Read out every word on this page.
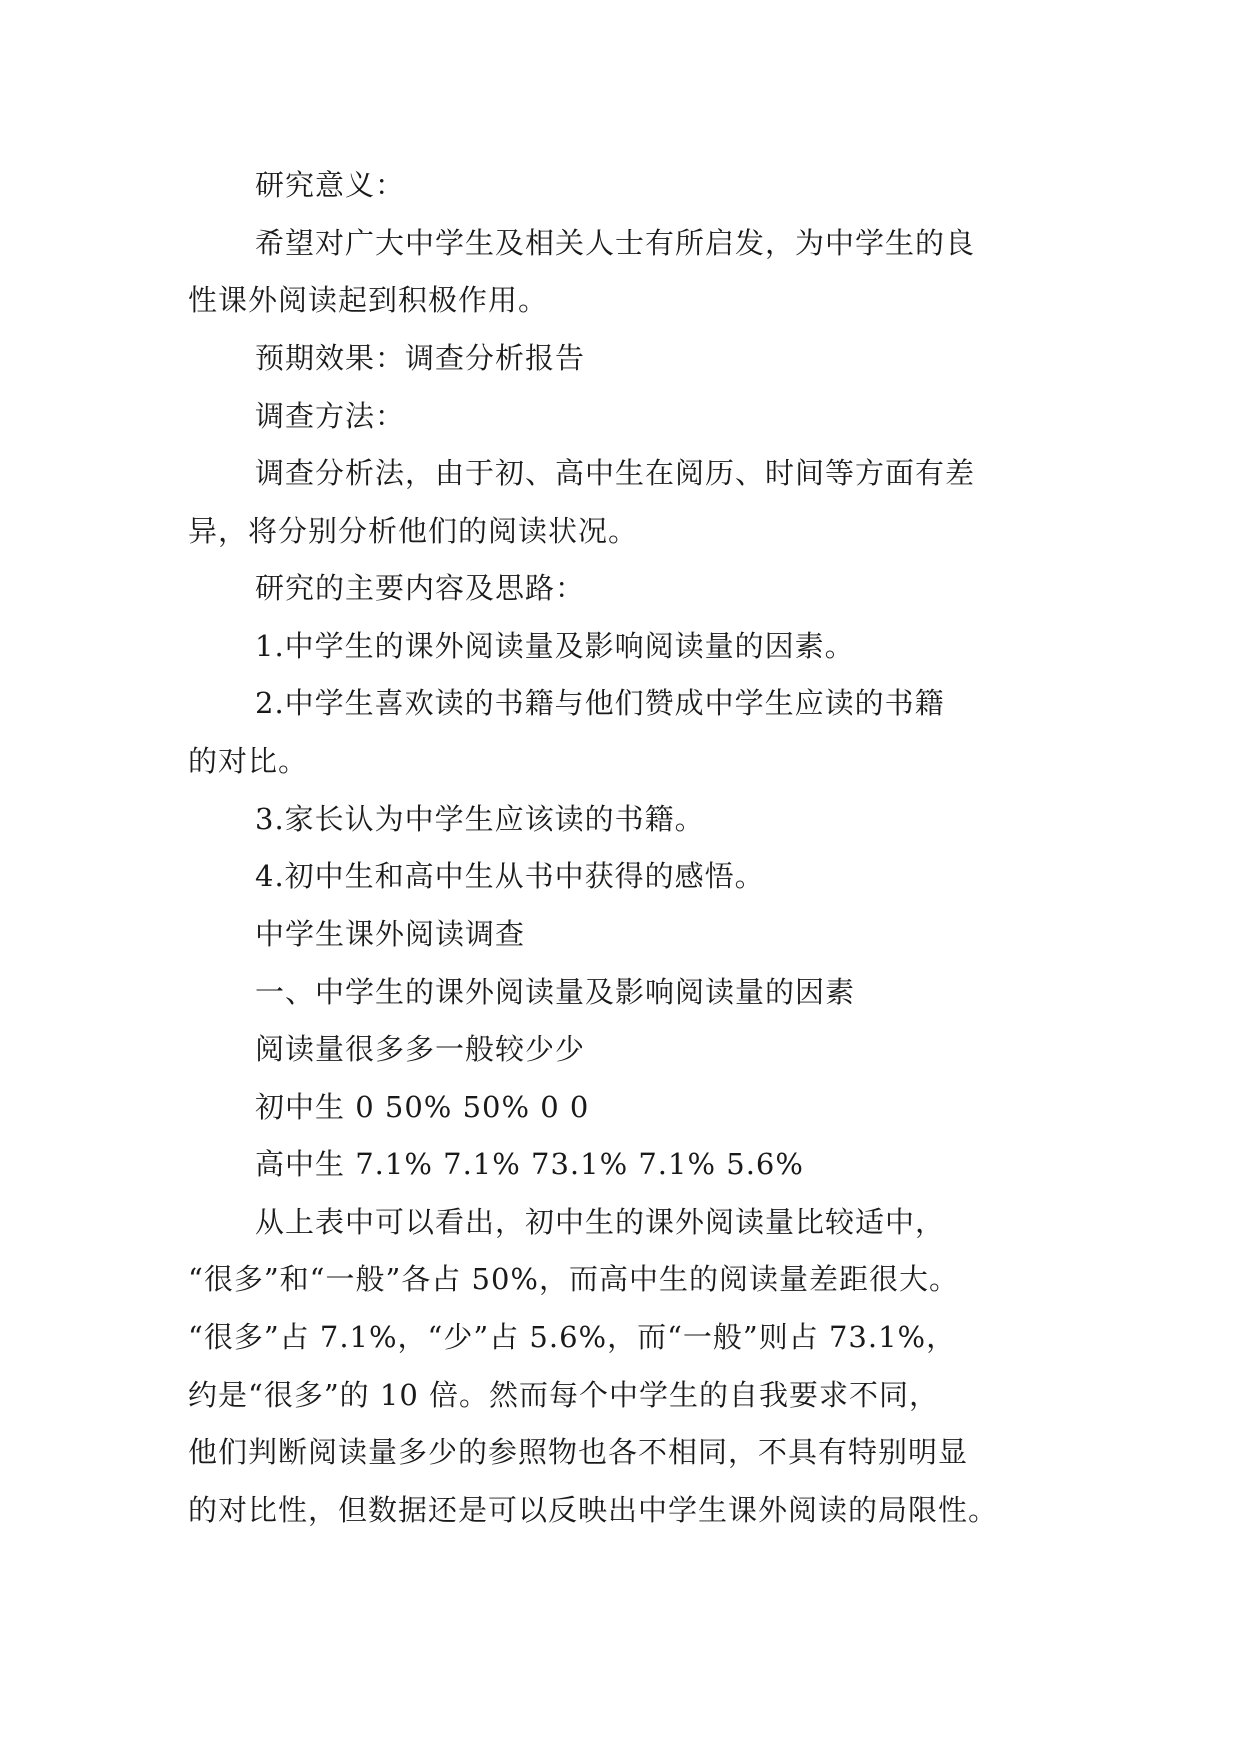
研究意义：
希望对广大中学生及相关人士有所启发，为中学生的良
性课外阅读起到积极作用。
预期效果：调查分析报告
调查方法：
调查分析法，由于初、高中生在阅历、时间等方面有差
异，将分别分析他们的阅读状况。
研究的主要内容及思路：
1.中学生的课外阅读量及影响阅读量的因素。
2.中学生喜欢读的书籍与他们赞成中学生应读的书籍
的对比。
3.家长认为中学生应该读的书籍。
4.初中生和高中生从书中获得的感悟。
中学生课外阅读调查
一、中学生的课外阅读量及影响阅读量的因素
阅读量很多多一般较少少
初中生 0 50% 50% 0 0
高中生 7.1% 7.1% 73.1% 7.1% 5.6%
从上表中可以看出，初中生的课外阅读量比较适中，
“很多”和“一般”各占 50%，而高中生的阅读量差距很大。
“很多”占 7.1%，“少”占 5.6%，而“一般”则占 73.1%，
约是“很多”的 10 倍。然而每个中学生的自我要求不同，
他们判断阅读量多少的参照物也各不相同，不具有特别明显
的对比性，但数据还是可以反映出中学生课外阅读的局限性。
